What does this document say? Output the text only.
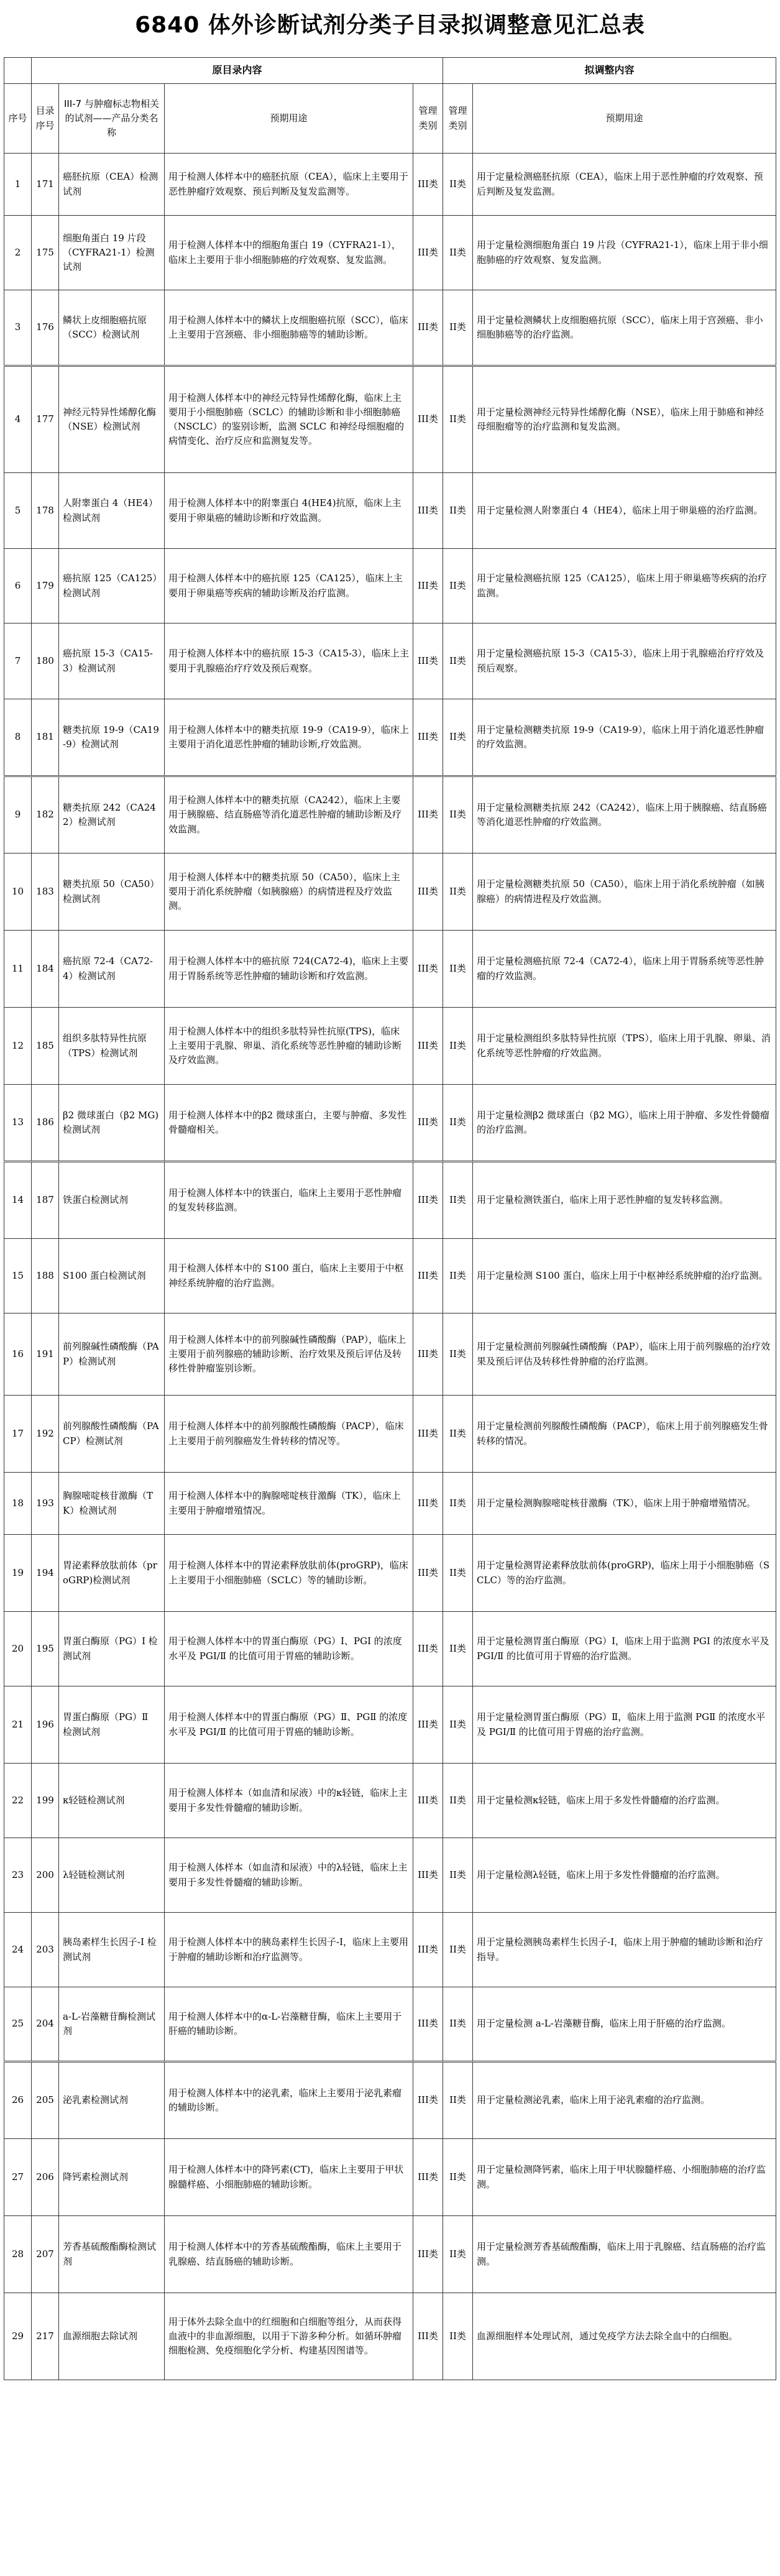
6840 体外诊断试剂分类子目录拟调整意见汇总表
	原目录内容				拟调整内容	
序号	目录序号	III-7 与肿瘤标志物相关的试剂——产品分类名称	预期用途	管理类别	管理类别	预期用途
1	171	癌胚抗原（CEA）检测试剂	用于检测人体样本中的癌胚抗原（CEA），临床上主要用于恶性肿瘤疗效观察、预后判断及复发监测等。	III类	II类	用于定量检测癌胚抗原（CEA），临床上用于恶性肿瘤的疗效观察、预后判断及复发监测。
2	175	细胞角蛋白 19 片段（CYFRA21-1）检测试剂	用于检测人体样本中的细胞角蛋白 19（CYFRA21-1），临床上主要用于非小细胞肺癌的疗效观察、复发监测。	III类	II类	用于定量检测细胞角蛋白 19 片段（CYFRA21-1），临床上用于非小细胞肺癌的疗效观察、复发监测。
3	176	鳞状上皮细胞癌抗原（SCC）检测试剂	用于检测人体样本中的鳞状上皮细胞癌抗原（SCC），临床上主要用于宫颈癌、非小细胞肺癌等的辅助诊断。	III类	II类	用于定量检测鳞状上皮细胞癌抗原（SCC），临床上用于宫颈癌、非小细胞肺癌等的治疗监测。
4	177	神经元特异性烯醇化酶（NSE）检测试剂	用于检测人体样本中的神经元特异性烯醇化酶，临床上主要用于小细胞肺癌（SCLC）的辅助诊断和非小细胞肺癌（NSCLC）的鉴别诊断，监测 SCLC 和神经母细胞瘤的病情变化、治疗反应和监测复发等。	III类	II类	用于定量检测神经元特异性烯醇化酶（NSE），临床上用于肺癌和神经母细胞瘤等的治疗监测和复发监测。
5	178	人附睾蛋白 4（HE4）检测试剂	用于检测人体样本中的附睾蛋白 4(HE4)抗原，临床上主要用于卵巢癌的辅助诊断和疗效监测。	III类	II类	用于定量检测人附睾蛋白 4（HE4），临床上用于卵巢癌的治疗监测。
6	179	癌抗原 125（CA125）检测试剂	用于检测人体样本中的癌抗原 125（CA125），临床上主要用于卵巢癌等疾病的辅助诊断及治疗监测。	III类	II类	用于定量检测癌抗原 125（CA125），临床上用于卵巢癌等疾病的治疗监测。
7	180	癌抗原 15-3（CA15-3）检测试剂	用于检测人体样本中的癌抗原 15-3（CA15-3），临床上主要用于乳腺癌治疗疗效及预后观察。	III类	II类	用于定量检测癌抗原 15-3（CA15-3），临床上用于乳腺癌治疗疗效及预后观察。
8	181	糖类抗原 19-9（CA19-9）检测试剂	用于检测人体样本中的糖类抗原 19-9（CA19-9），临床上主要用于消化道恶性肿瘤的辅助诊断,疗效监测。	III类	II类	用于定量检测糖类抗原 19-9（CA19-9），临床上用于消化道恶性肿瘤的疗效监测。
9	182	糖类抗原 242（CA242）检测试剂	用于检测人体样本中的糖类抗原（CA242），临床上主要用于胰腺癌、结直肠癌等消化道恶性肿瘤的辅助诊断及疗效监测。	III类	II类	用于定量检测糖类抗原 242（CA242），临床上用于胰腺癌、结直肠癌等消化道恶性肿瘤的疗效监测。
10	183	糖类抗原 50（CA50）检测试剂	用于检测人体样本中的糖类抗原 50（CA50），临床上主要用于消化系统肿瘤（如胰腺癌）的病情进程及疗效监测。	III类	II类	用于定量检测糖类抗原 50（CA50），临床上用于消化系统肿瘤（如胰腺癌）的病情进程及疗效监测。
11	184	癌抗原 72-4（CA72-4）检测试剂	用于检测人体样本中的癌抗原 724(CA72-4)，临床上主要用于胃肠系统等恶性肿瘤的辅助诊断和疗效监测。	III类	II类	用于定量检测癌抗原 72-4（CA72-4），临床上用于胃肠系统等恶性肿瘤的疗效监测。
12	185	组织多肽特异性抗原（TPS）检测试剂	用于检测人体样本中的组织多肽特异性抗原(TPS)，临床上主要用于乳腺、卵巢、消化系统等恶性肿瘤的辅助诊断及疗效监测。	III类	II类	用于定量检测组织多肽特异性抗原（TPS），临床上用于乳腺、卵巢、消化系统等恶性肿瘤的疗效监测。
13	186	β2 微球蛋白（β2 MG)检测试剂	用于检测人体样本中的β2 微球蛋白，主要与肿瘤、多发性骨髓瘤相关。	III类	II类	用于定量检测β2 微球蛋白（β2 MG），临床上用于肿瘤、多发性骨髓瘤的治疗监测。
14	187	铁蛋白检测试剂	用于检测人体样本中的铁蛋白，临床上主要用于恶性肿瘤的复发转移监测。	III类	II类	用于定量检测铁蛋白，临床上用于恶性肿瘤的复发转移监测。
15	188	S100 蛋白检测试剂	用于检测人体样本中的 S100 蛋白，临床上主要用于中枢神经系统肿瘤的治疗监测。	III类	II类	用于定量检测 S100 蛋白，临床上用于中枢神经系统肿瘤的治疗监测。
16	191	前列腺碱性磷酸酶（PAP）检测试剂	用于检测人体样本中的前列腺碱性磷酸酶（PAP），临床上主要用于前列腺癌的辅助诊断、治疗效果及预后评估及转移性骨肿瘤鉴别诊断。	III类	II类	用于定量检测前列腺碱性磷酸酶（PAP），临床上用于前列腺癌的治疗效果及预后评估及转移性骨肿瘤的治疗监测。
17	192	前列腺酸性磷酸酶（PACP）检测试剂	用于检测人体样本中的前列腺酸性磷酸酶（PACP），临床上主要用于前列腺癌发生骨转移的情况等。	III类	II类	用于定量检测前列腺酸性磷酸酶（PACP），临床上用于前列腺癌发生骨转移的情况。
18	193	胸腺嘧啶核苷激酶（TK）检测试剂	用于检测人体样本中的胸腺嘧啶核苷激酶（TK），临床上主要用于肿瘤增殖情况。	III类	II类	用于定量检测胸腺嘧啶核苷激酶（TK），临床上用于肿瘤增殖情况。
19	194	胃泌素释放肽前体（proGRP)检测试剂	用于检测人体样本中的胃泌素释放肽前体(proGRP)，临床上主要用于小细胞肺癌（SCLC）等的辅助诊断。	III类	II类	用于定量检测胃泌素释放肽前体(proGRP)，临床上用于小细胞肺癌（SCLC）等的治疗监测。
20	195	胃蛋白酶原（PG）I 检测试剂	用于检测人体样本中的胃蛋白酶原（PG）I、PGI 的浓度水平及 PGI/Ⅱ 的比值可用于胃癌的辅助诊断。	III类	II类	用于定量检测胃蛋白酶原（PG）I，临床上用于监测 PGI 的浓度水平及 PGI/Ⅱ 的比值可用于胃癌的治疗监测。
21	196	胃蛋白酶原（PG）Ⅱ 检测试剂	用于检测人体样本中的胃蛋白酶原（PG）Ⅱ、PGⅡ 的浓度水平及 PGI/Ⅱ 的比值可用于胃癌的辅助诊断。	III类	II类	用于定量检测胃蛋白酶原（PG）Ⅱ，临床上用于监测 PGⅡ 的浓度水平及 PGI/Ⅱ 的比值可用于胃癌的治疗监测。
22	199	κ轻链检测试剂	用于检测人体样本（如血清和尿液）中的κ轻链，临床上主要用于多发性骨髓瘤的辅助诊断。	III类	II类	用于定量检测κ轻链，临床上用于多发性骨髓瘤的治疗监测。
23	200	λ轻链检测试剂	用于检测人体样本（如血清和尿液）中的λ轻链，临床上主要用于多发性骨髓瘤的辅助诊断。	III类	II类	用于定量检测λ轻链，临床上用于多发性骨髓瘤的治疗监测。
24	203	胰岛素样生长因子-I 检测试剂	用于检测人体样本中的胰岛素样生长因子-I，临床上主要用于肿瘤的辅助诊断和治疗监测等。	III类	II类	用于定量检测胰岛素样生长因子-I，临床上用于肿瘤的辅助诊断和治疗指导。
25	204	a-L-岩藻糖苷酶检测试剂	用于检测人体样本中的α-L-岩藻糖苷酶，临床上主要用于肝癌的辅助诊断。	III类	II类	用于定量检测 a-L-岩藻糖苷酶，临床上用于肝癌的治疗监测。
26	205	泌乳素检测试剂	用于检测人体样本中的泌乳素，临床上主要用于泌乳素瘤的辅助诊断。	III类	II类	用于定量检测泌乳素，临床上用于泌乳素瘤的治疗监测。
27	206	降钙素检测试剂	用于检测人体样本中的降钙素(CT)，临床上主要用于甲状腺髓样癌、小细胞肺癌的辅助诊断。	III类	II类	用于定量检测降钙素，临床上用于甲状腺髓样癌、小细胞肺癌的治疗监测。
28	207	芳香基硫酸酯酶检测试剂	用于检测人体样本中的芳香基硫酸酯酶，临床上主要用于乳腺癌、结直肠癌的辅助诊断。	III类	II类	用于定量检测芳香基硫酸酯酶，临床上用于乳腺癌、结直肠癌的治疗监测。
29	217	血源细胞去除试剂	用于体外去除全血中的红细胞和白细胞等组分，从而获得血液中的非血源细胞，以用于下游多种分析。如循环肿瘤细胞检测、免疫细胞化学分析、构建基因图谱等。	III类	II类	血源细胞样本处理试剂，通过免疫学方法去除全血中的白细胞。
